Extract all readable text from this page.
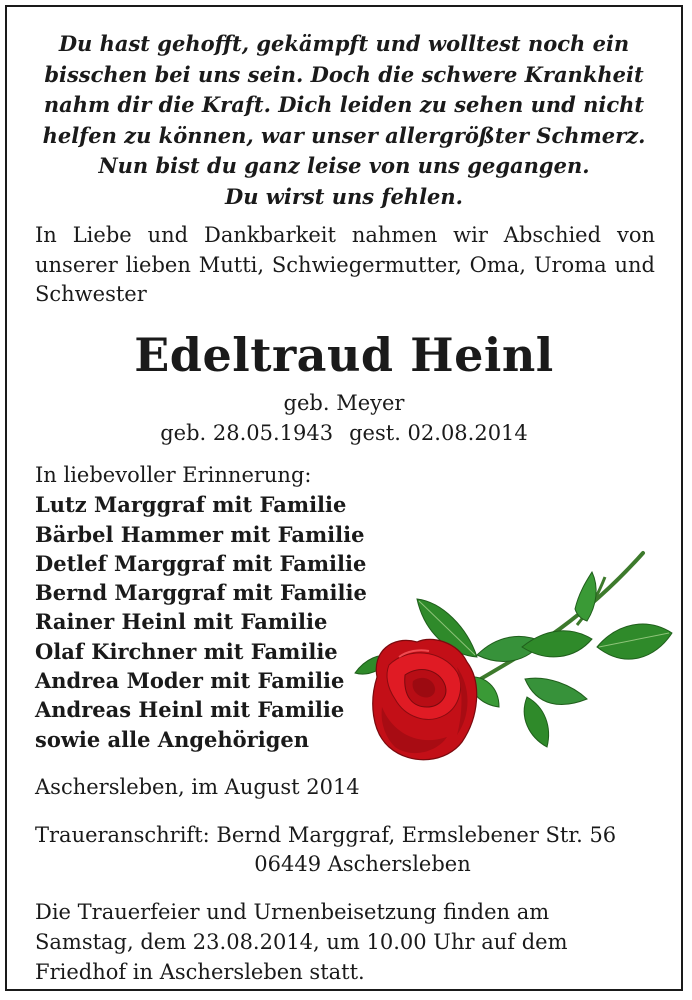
Du hast gehofft, gekämpft und wolltest noch ein
bisschen bei uns sein. Doch die schwere Krankheit
nahm dir die Kraft. Dich leiden zu sehen und nicht
helfen zu können, war unser allergrößter Schmerz.
Nun bist du ganz leise von uns gegangen.
Du wirst uns fehlen.
In Liebe und Dankbarkeit nahmen wir Abschied von unserer lieben Mutti, Schwiegermutter, Oma, Uroma und Schwester
Edeltraud Heinl
geb. Meyer
geb. 28.05.1943 gest. 02.08.2014
In liebevoller Erinnerung:
Lutz Marggraf mit Familie
Bärbel Hammer mit Familie
Detlef Marggraf mit Familie
Bernd Marggraf mit Familie
Rainer Heinl mit Familie
Olaf Kirchner mit Familie
Andrea Moder mit Familie
Andreas Heinl mit Familie
sowie alle Angehörigen
Aschersleben, im August 2014
Traueranschrift: Bernd Marggraf, Ermslebener Str. 56
06449 Aschersleben
Die Trauerfeier und Urnenbeisetzung finden am Samstag, dem 23.08.2014, um 10.00 Uhr auf dem Friedhof in Aschersleben statt.
